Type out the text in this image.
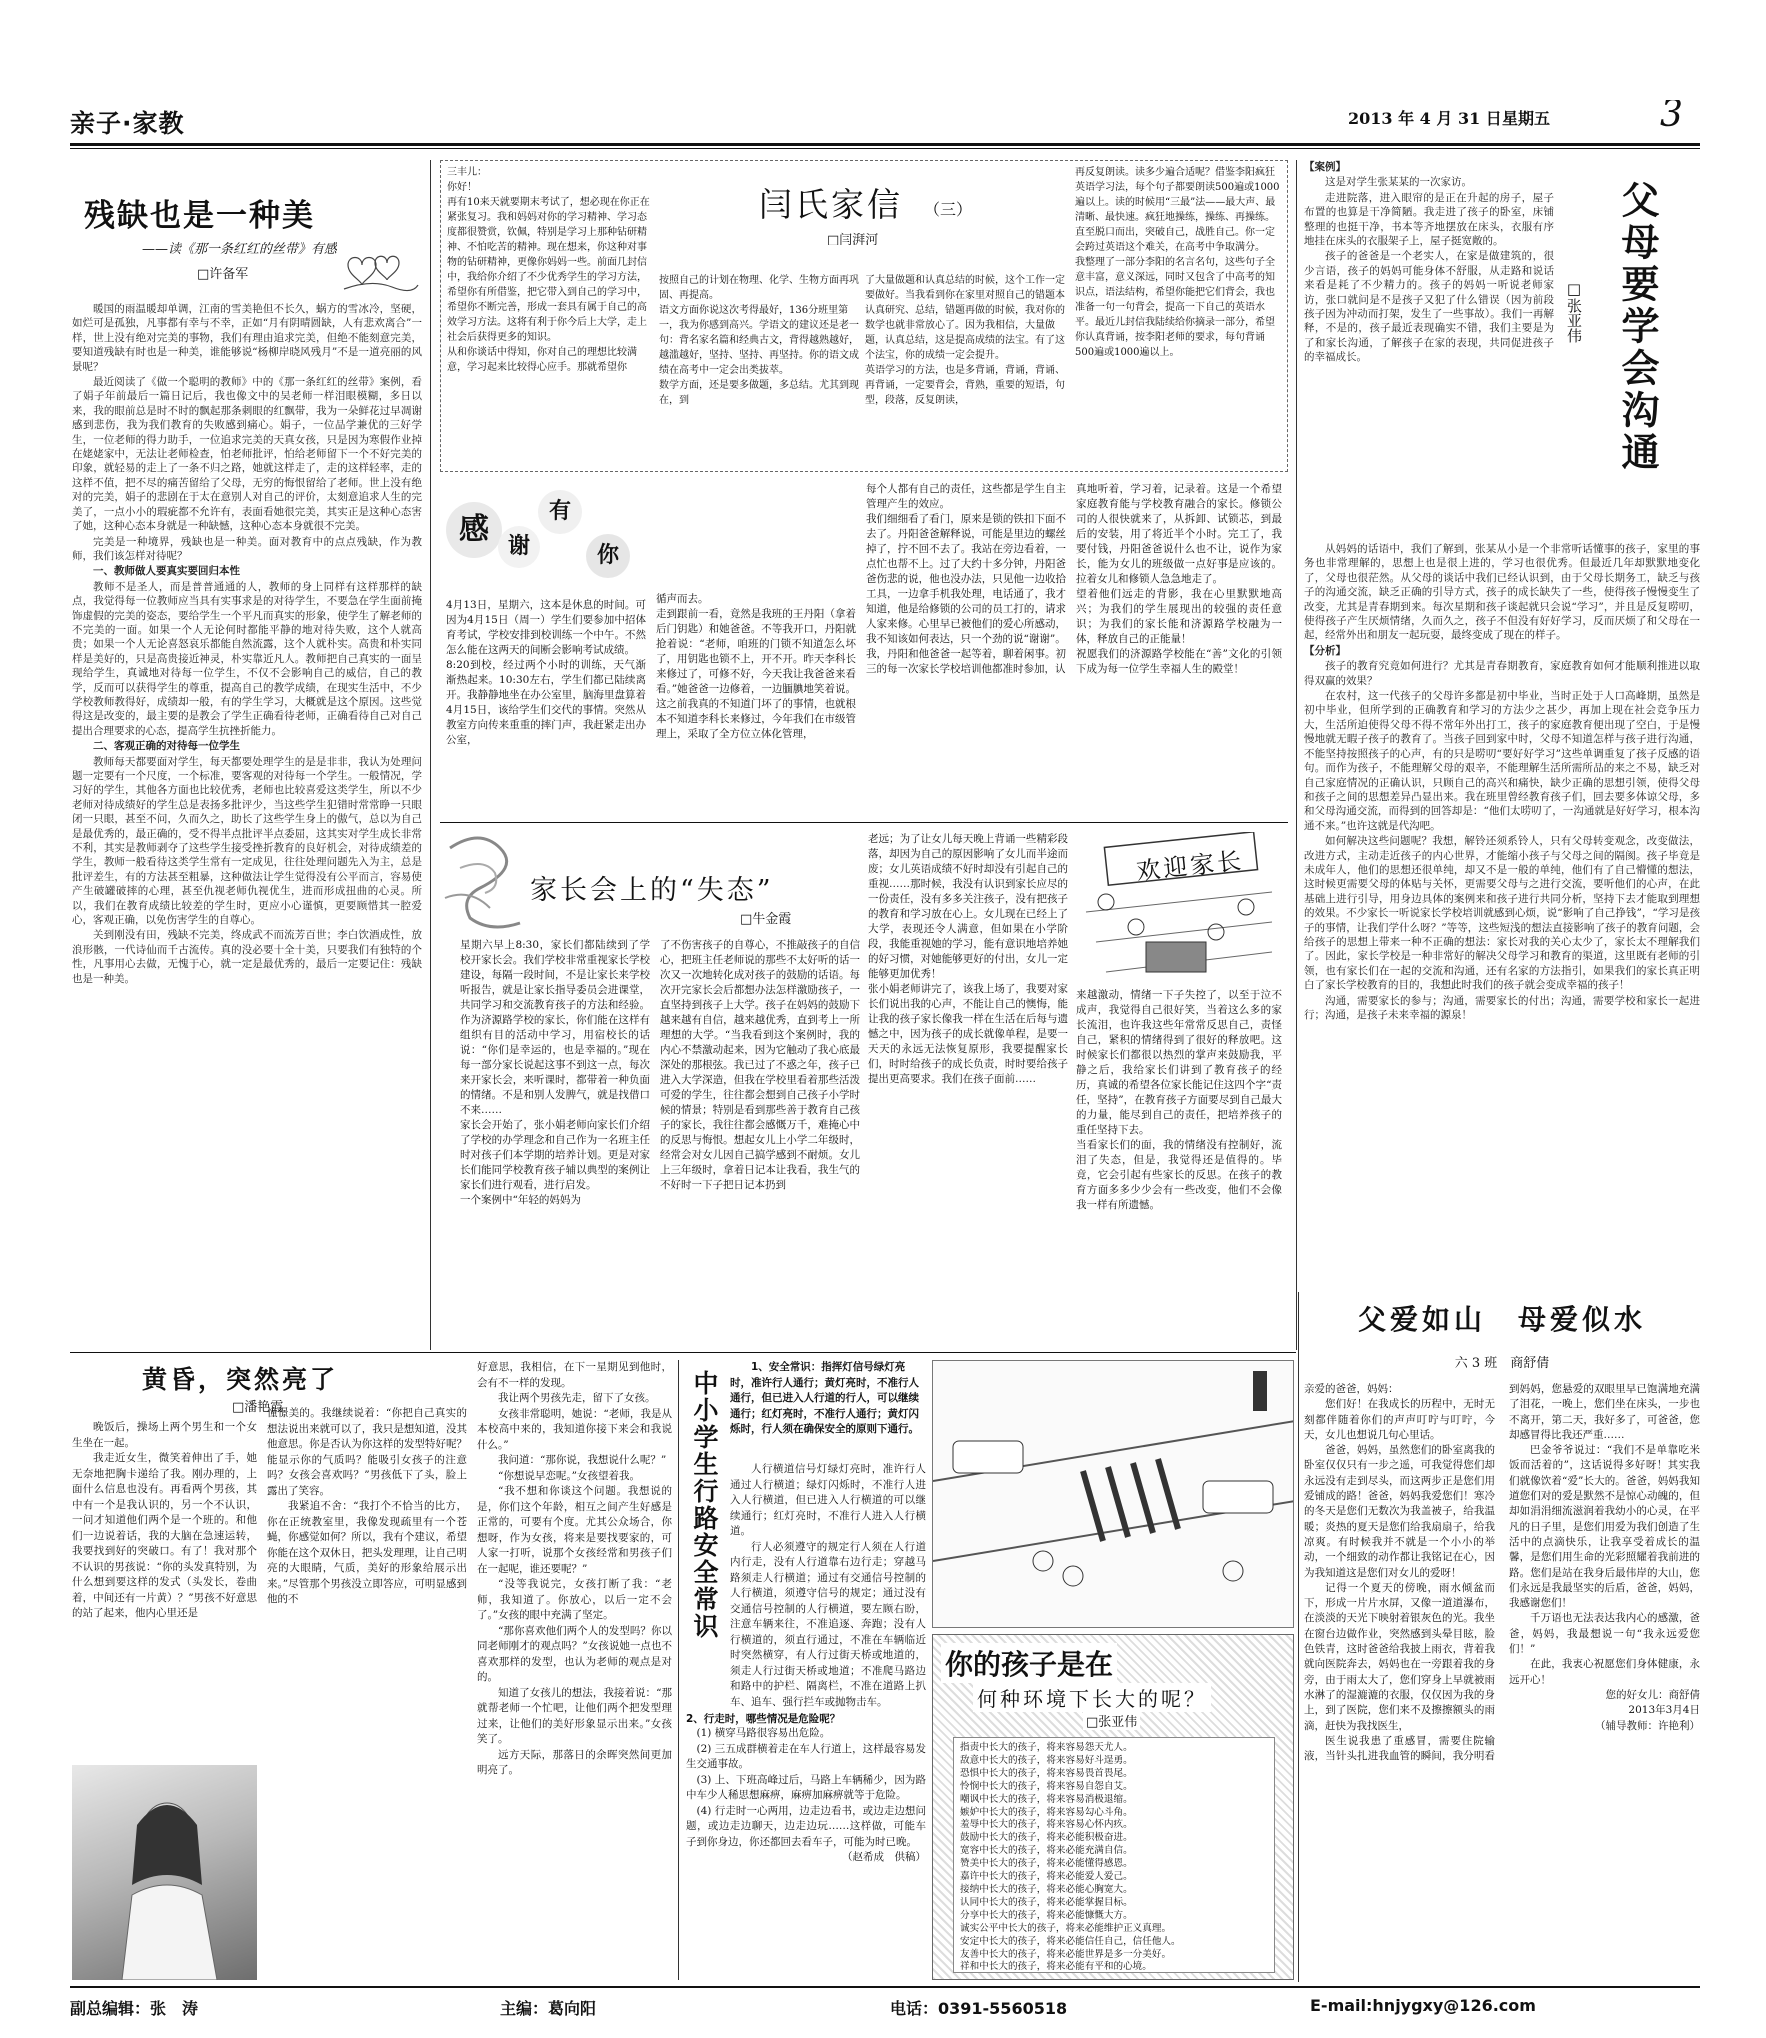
亲子·家教	2013 年 4 月 31 日 星期五	3
残缺也是一种美
——读《那一条红红的丝带》有感
□许备军

暖国的雨温暖却单调，江南的雪美艳但不长久，蜗方的雪冰冷，坚硬，如烂可是孤独，凡事都有幸与不幸，正如“月有阴晴圆缺，人有悲欢离合”一样，世上没有绝对完美的事物，我们有理由追求完美，但绝不能刻意完美，要知道残缺有时也是一种美，谁能够说“杨柳岸晓风残月”不是一道亮丽的风景呢？

最近阅读了《做一个聪明的教师》中的《那一条红红的丝带》案例，看了娟子年前最后一篇日记后，我也像文中的吴老师一样泪眼模糊，多日以来，我的眼前总是时不时的飘起那条刺眼的红飘带，我为一朵鲜花过早凋谢感到悲伤，我为我们教育的失败感到痛心。娟子，一位品学兼优的三好学生，一位老师的得力助手，一位追求完美的天真女孩，只是因为寒假作业掉在姥姥家中，无法让老师检查，怕老师批评，怕给老师留下一个不好完美的印象，就轻易的走上了一条不归之路，她就这样走了，走的这样轻率，走的这样不值，把不尽的痛苦留给了父母，无穷的悔恨留给了老师。世上没有绝对的完美，娟子的悲剧在于太在意别人对自己的评价，太刻意追求人生的完美了，一点小小的瑕疵都不允许有，表面看她很完美，其实正是这种心态害了她，这种心态本身就是一种缺憾，这种心态本身就很不完美。

完美是一种境界，残缺也是一种美。面对教育中的点点残缺，作为教师，我们该怎样对待呢？

一、教师做人要真实要回归本性

教师不是圣人，而是普普通通的人，教师的身上同样有这样那样的缺点，我觉得每一位教师应当具有实事求是的对待学生，不要急在学生面前掩饰虚假的完美的姿态，要给学生一个平凡而真实的形象，使学生了解老师的不完美的一面。如果一个人无论何时都能平静的地对待失败，这个人就高贵；如果一个人无论喜怒哀乐都能自然流露，这个人就朴实。高贵和朴实同样是美好的，只是高贵接近神灵，朴实靠近凡人。教师把自己真实的一面呈现给学生，真诚地对待每一位学生，不仅不会影响自己的威信，自己的教学，反而可以获得学生的尊重，提高自己的教学成绩，在现实生活中，不少学校教师教得好，成绩却一般，有的学生学习，大概就是这个原因。这些觉得这是改变的，最主要的是教会了学生正确看待老师，正确看待自己对自己提出合理要求的心态，提高学生抗挫折能力。

二、客观正确的对待每一位学生

教师每天都要面对学生，每天都要处理学生的是是非非，我认为处理问题一定要有一个尺度，一个标准，要客观的对待每一个学生。一般情况，学习好的学生，其他各方面也比较优秀，老师也比较喜爱这类学生，所以不少老师对待成绩好的学生总是表扬多批评少，当这些学生犯错时常常睁一只眼闭一只眼，甚至不问，久而久之，助长了这些学生身上的傲气，总以为自己是最优秀的，最正确的，受不得半点批评半点委屈，这其实对学生成长非常不利，其实是教师剥夺了这些学生接受挫折教育的良好机会，对待成绩差的学生，教师一般看待这类学生常有一定成见，往往处理问题先入为主，总是批评差生，有的方法甚至粗暴，这种做法让学生觉得没有公平而言，容易使产生破罐破摔的心理，甚至仇视老师仇视优生，进而形成扭曲的心灵。所以，我们在教育成绩比较差的学生时，更应小心谨慎，更要顾惜其一腔爱心，客观正确，以免伤害学生的自尊心。

关到刚没有田，残缺不完美，终成武不而流芳百世；李白饮酒成性，放浪形骸，一代诗仙而千古流传。真的没必要十全十美，只要我们有独特的个性，凡事用心去做，无愧于心，就一定是最优秀的，最后一定要记住：残缺也是一种美。

三丰儿：
你好！
再有10来天就要期末考试了，想必现在你正在紧张复习。我和妈妈对你的学习精神、学习态度都很赞赏，钦佩，特别是学习上那种钻研精神、不怕吃苦的精神。现在想来，你这种对事物的钻研精神，更像你妈妈一些。前面几封信中，我给你介绍了不少优秀学生的学习方法，希望你有所借鉴，把它带入到自己的学习中，希望你不断完善，形成一套具有属于自己的高效学习方法。这将有利于你今后上大学，走上社会后获得更多的知识。
从和你谈话中得知，你对自己的理想比较满意，学习起来比较得心应手。那就希望你
闫氏家信 （三）
□闫湃河
按照自己的计划在物理、化学、生物方面再巩固、再提高。
语文方面你说这次考得最好，136分班里第一，我为你感到高兴。学语文的建议还是老一句：背名家名篇和经典古文，背得越熟越好，越滥越好，坚持、坚持、再坚持。你的语文成绩在高考中一定会出类拔萃。
数学方面，还是要多做题，多总结。尤其到现在，到
了大量做题和认真总结的时候，这个工作一定要做好。当我看到你在家里对照自己的错题本认真研究、总结，错题再做的时候，我对你的数学也就非常放心了。因为我相信，大量做题，认真总结，这是提高成绩的法宝。有了这个法宝，你的成绩一定会提升。
英语学习的方法，也是多背诵，背诵，背诵、再背诵，一定要背会，背熟，重要的短语，句型，段落，反复朗读，
再反复朗读。读多少遍合适呢？借鉴李阳疯狂英语学习法，每个句子都要朗读500遍或1000遍以上。读的时候用“三最”法——最大声、最清晰、最快速。疯狂地操练，操练、再操练。直至脱口而出，突破自己，战胜自己。你一定会跨过英语这个难关，在高考中争取满分。
我整理了一部分李阳的名言名句，这些句子全意丰富，意义深远，同时又包含了中高考的知识点，语法结构，希望你能把它们背会，我也准备一句一句背会，提高一下自己的英语水平。最近儿封信我陆续给你摘录一部分，希望你认真背诵，按李阳老师的要求，每句背诵500遍或1000遍以上。
感 谢
有
你
4月13日，星期六，这本是休息的时间。可因为4月15日（周一）学生们要参加中招体育考试，学校安排到校训练一个中午。不然怎么能在这两天的间断会影响考试成绩。
8:20到校，经过两个小时的训练，天气渐渐热起来。10:30左右，学生们都已陆续离开。我静静地坐在办公室里，脑海里盘算着4月15日，该给学生们交代的事情。突然从教室方向传来重重的摔门声，我赶紧走出办公室，
循声而去。
走到跟前一看，竟然是我班的王丹阳（拿着后门钥匙）和她爸爸。不等我开口，丹阳就抢着说：“老师，咱班的门锁不知道怎么坏了，用钥匙也锁不上，开不开。昨天李科长来修过了，可修不好，今天我让我爸爸来看看。”她爸爸一边修着，一边腼腆地笑着说。这之前我真的不知道门坏了的事情，也就根本不知道李科长来修过，今年我们在市级管理上，采取了全方位立体化管理，
每个人都有自己的责任，这些都是学生自主管理产生的效应。
我们细细看了看门，原来是锁的铁扣下面不去了。丹阳爸爸解释说，可能是里边的螺丝掉了，拧不回不去了。我站在旁边看着，一点忙也帮不上。过了大约十多分钟，丹阳爸爸伤悲的说，他也没办法，只见他一边收拾工具，一边拿手机我处理，电话通了，我才知道，他是给修锁的公司的员工打的，请求人家来修。心里早已被他们的爱心所感动，我不知该如何表达，只一个劲的说“谢谢”。
我，丹阳和他爸爸一起等着，聊着闲事。初三的每一次家长学校培训他都准时参加，认
真地听着，学习着，记录着。这是一个希望家庭教育能与学校教育融合的家长。修锁公司的人很快就来了，从拆卸、试锁芯，到最后的安装，用了将近半个小时。完工了，我要付钱，丹阳爸爸说什么也不让，说作为家长，能为女儿的班级做一点好事是应该的。拉着女儿和修锁人急急地走了。
望着他们远走的背影，我在心里默默地高兴；为我们的学生展现出的较强的责任意识；为我们的家长能和济源路学校融为一体，释放自己的正能量！
祝愿我们的济源路学校能在“善”文化的引领下成为每一位学生幸福人生的殿堂！
家长会上的“失态”
□牛金霞
星期六早上8:30，家长们都陆续到了学校开家长会。我们学校非常重视家长学校建设，每隔一段时间，不是让家长来学校听报告，就是让家长指导委员会进课堂，共同学习和交流教育孩子的方法和经验。作为济源路学校的家长，你们能在这样有组织有目的活动中学习，用宿校长的话说：“你们是幸运的，也是幸福的。”现在每一部分家长说起这事不到这一点，每次来开家长会，来听课时，都带着一种负面的情绪。不是和别人发脾气，就是找借口不来……
家长会开始了，张小娟老师向家长们介绍了学校的办学理念和自己作为一名班主任时对孩子们本学期的培养计划。更是对家长们能同学校教育孩子辅以典型的案例让家长们进行观看，进行启发。
一个案例中“年轻的妈妈为
了不伤害孩子的自尊心，不推敲孩子的自信心，把班主任老师说的那些不太好听的话一次又一次地转化成对孩子的鼓励的话语。每次开完家长会后都想办法怎样激励孩子，一直坚持到孩子上大学。孩子在妈妈的鼓励下越来越有自信，越来越优秀，直到考上一所理想的大学。“当我看到这个案例时，我的内心不禁激动起来，因为它触动了我心底最深处的那根弦。我已过了不惑之年，孩子已进入大学深造，但我在学校里看着那些活泼可爱的学生，往往都会想到自己孩子小学时候的情景；特别是看到那些善于教育自己孩子的家长，我往往都会感慨万千，难掩心中的反思与悔恨。想起女儿上小学二年级时，经常会对女儿因自己搞学感到不耐烦。女儿上三年级时，拿着日记本让我看，我生气的不好时一下子把日记本扔到
老远；为了让女儿每天晚上背诵一些精彩段落，却因为自己的原因影响了女儿而半途而废；女儿英语成绩不好时却没有引起自己的重视……那时候，我没有认识到家长应尽的一份责任，没有多多关注孩子，没有把孩子的教育和学习放在心上。女儿现在已经上了大学，表现还令人满意，但如果在小学阶段，我能重视她的学习，能有意识地培养她的好习惯，对她能够更好的付出，女儿一定能够更加优秀！
张小娟老师讲完了，该我上场了，我要对家长们说出我的心声，不能让自己的懊悔，能让我的孩子家长像我一样在生活在后每与遗憾之中，因为孩子的成长就像单程，是要一天天的永远无法恢复原形，我要提醒家长们，时时给孩子的成长负责，时时要给孩子提出更高要求。我们在孩子面前……
欢迎家长
来越激动，情绪一下子失控了，以至于泣不成声，我觉得自己很好笑，当着这么多的家长流泪，也许我这些年常常反思自己，责怪自己，紧积的情绪得到了很好的释放吧。这时候家长们都很以热烈的掌声来鼓励我，平静之后，我给家长们讲到了教育孩子的经历，真诚的希望各位家长能记住这四个字“责任，坚持”，在教育孩子方面要尽到自己最大的力量，能尽到自己的责任，把培养孩子的重任坚持下去。
当看家长们的面，我的情绪没有控制好，流泪了失态，但是，我觉得还是值得的。毕竟，它会引起有些家长的反思。在孩子的教育方面多多少少会有一些改变，他们不会像我一样有所遗憾。
父母要学会沟通
□张亚伟

【案例】

这是对学生张某某的一次家访。

走进院落，进入眼帘的是正在升起的房子，屋子布置的也算是干净简陋。我走进了孩子的卧室，床铺整理的也挺干净，书本等齐地摆放在床头，衣服有序地挂在床头的衣服架子上，屋子挺宽敞的。

孩子的爸爸是一个老实人，在家是做建筑的，很少言语，孩子的妈妈可能身体不舒服，从走路和说话来看是耗了不少精力的。孩子的妈妈一听说老师家访，张口就问是不是孩子又犯了什么错误（因为前段孩子因为冲动而打架，发生了一些事故）。我们一再解释，不是的，孩子最近表现确实不错，我们主要是为了和家长沟通，了解孩子在家的表现，共同促进孩子的幸福成长。

从妈妈的话语中，我们了解到，张某从小是一个非常听话懂事的孩子，家里的事务也非常理解的，思想上也是很上进的，学习也很优秀。但最近几年却默默地变化了，父母也很茫然。从父母的谈话中我们已经认识到，由于父母长期务工，缺乏与孩子的沟通交流，缺乏正确的引导方式，孩子的成长缺失了一些，使得孩子慢慢变生了改变，尤其是青春期到来。每次星期和孩子谈起就只会说“学习”，并且是反复唠叨，使得孩子产生厌烦情绪，久而久之，孩子不但没有好好学习，反而厌烦了和父母在一起，经常外出和朋友一起玩耍，最终变成了现在的样子。

【分析】

孩子的教育究竟如何进行？尤其是青春期教育，家庭教育如何才能顺利推进以取得双赢的效果？

在农村，这一代孩子的父母许多都是初中毕业，当时正处于人口高峰期，虽然是初中毕业，但所学到的正确教育和学习的方法少之甚少，再加上现在社会竞争压力大，生活所迫使得父母不得不常年外出打工，孩子的家庭教育便出现了空白，于是慢慢地就无暇子孩子的教育了。当孩子回到家中时，父母不知道怎样与孩子进行沟通，不能坚持按照孩子的心声，有的只是唠叨“要好好学习”这些单调重复了孩子反感的语句。而作为孩子，不能理解父母的艰辛，不能理解生活所需所品的来之不易，缺乏对自己家庭情况的正确认识，只顾自己的高兴和痛快，缺少正确的思想引领，使得父母和孩子之间的思想差异凸显出来。我在班里曾经教育孩子们，回去要多体谅父母，多和父母沟通交流，而得到的回答却是：“他们太唠叨了，一沟通就是好好学习，根本沟通不来。”也许这就是代沟吧。

如何解决这些问题呢？我想，解铃还须系铃人，只有父母转变观念，改变做法，改进方式，主动走近孩子的内心世界，才能缩小孩子与父母之间的隔阂。孩子毕竟是未成年人，他们的思想还很单纯，却又不是一般的单纯，他们有了自己懵懂的想法，这时候更需要父母的体贴与关怀，更需要父母与之进行交流，要听他们的心声，在此基础上进行引导，用身边具体的案例来和孩子进行共同分析，坚持下去才能取到理想的效果。不少家长一听说家长学校培训就感到心烦，说“影响了自己挣钱”，“学习是孩子的事情，让我们学什么呀？”等等，这些短浅的想法直接影响了孩子的教育问题，会给孩子的思想上带来一种不正确的想法：家长对我的关心太少了，家长太不理解我们了。因此，家长学校是一种非常好的解决父母学习和教育的渠道，这里既有老师的引领，也有家长们在一起的交流和沟通，还有名家的方法指引，如果我们的家长真正明白了家长学校教育的目的，我想此时我们的孩子就会变成幸福的孩子！

沟通，需要家长的参与；沟通，需要家长的付出；沟通，需要学校和家长一起进行；沟通，是孩子未来幸福的源泉！

父爱如山　母爱似水
六 3 班　商舒倩

亲爱的爸爸，妈妈：

您们好！在我成长的历程中，无时无刻都伴随着你们的声声叮咛与叮咛，今天，女儿也想说几句心里话。

爸爸，妈妈，虽然您们的卧室离我的卧室仅仅只有一步之遥，可我觉得您们却永远没有走到尽头，而这两步正是您们用爱铺成的路！爸爸，妈妈我爱您们！寒冷的冬天是您们无数次为我盖被子，给我温暖；炎热的夏天是您们给我扇扇子，给我凉爽。有时候我并不就是一个小小的举动，一个细致的动作都让我铭记在心，因为我知道这是您们对女儿的爱呀！

记得一个夏天的傍晚，雨水倾盆而下，形成一片片水屏，又像一道道瀑布，在淡淡的天光下映射着银灰色的光。我坐在窗台边做作业，突然感到头晕目眩，脸色铁青，这时爸爸给我披上雨衣，背着我就向医院奔去，妈妈也在一旁跟着我的身旁，由于雨太大了，您们穿身上早就被雨水淋了的湿漉漉的衣服，仅仅因为我的身上，到了医院，您们来不及擦擦额头的雨滴，赶快为我找医生，

医生说我患了重感冒，需要住院输液，当针头扎进我血管的瞬间，我分明看到妈妈，您悬爱的双眼里早已饱满地充满了泪花，一晚上，您们坐在床头，一步也不离开，第二天，我好多了，可爸爸，您却感冒得比我还严重……

巴金爷爷说过：“我们不是单靠吃米饭而活着的”，这话说得多好呀！其实我们就像饮着“爱”长大的。爸爸，妈妈我知道您们对的爱是默然不是惊心动魄的，但却如涓涓细流滋润着我幼小的心灵，在平凡的日子里，是您们用爱为我们创造了生活中的点滴快乐，让我享受着成长的温馨，是您们用生命的光彩照耀着我前进的路。您们是站在我身后最伟岸的大山，您们永远是我最坚实的后盾，爸爸，妈妈，我感谢您们！

千万语也无法表达我内心的感激，爸爸，妈妈，我最想说一句“我永远爱您们！”

在此，我衷心祝愿您们身体健康，永远开心！

您的好女儿：商舒倩

2013年3月4日

（辅导教师：许艳利）

黄昏，突然亮了
□潘艳霞

晚饭后，操场上两个男生和一个女生坐在一起。

我走近女生，微笑着伸出了手，她无奈地把胸卡递给了我。刚办理的，上面什么信息也没有。再看两个男孩，其中有一个是我认识的，另一个不认识，一问才知道他们两个是一个班的。和他们一边说着话，我的大脑在急速运转，我要找到好的突破口。有了！我对那个不认识的男孩说：“你的头发真特别，为什么想到要这样的发式（头发长，卷曲着，中间还有一片黄）？”男孩不好意思的站了起来，他内心里还是

憧憬美的。我继续说着：“你把自己真实的想法说出来就可以了，我只是想知道，没其他意思。你是否认为你这样的发型特好呢？能显示你的气质吗？能吸引女孩子的注意吗？女孩会喜欢吗？”男孩低下了头，脸上露出了笑容。

我紧追不舍：“我打个不恰当的比方，你在正统教室里，我像发现疏里有一个苍蝇，你感觉如何？所以，我有个建议，希望你能在这个双休日，把头发理理，让自己明亮的大眼睛，气质，美好的形象给展示出来。”尽管那个男孩没立即答应，可明显感到他的不

好意思，我相信，在下一星期见到他时，会有不一样的发现。

我让两个男孩先走，留下了女孩。

女孩非常聪明，她说：“老师，我是从本校高中来的，我知道你接下来会和我说什么。”

我问道：“那你说，我想说什么呢？”

“你想说早恋呢。”女孩望着我。

“我不想和你谈这个问题。我想说的是，你们这个年龄，相互之间产生好感是正常的，可要有个度。尤其公众场合，你想呀，作为女孩，将来是要找要家的，可人家一打听，说那个女孩经常和男孩子们在一起呢，谁还要呢？”

“没等我说完，女孩打断了我：“老师，我知道了。你放心，以后一定不会了。”女孩的眼中充满了坚定。

“那你喜欢他们两个人的发型吗？你以同老师刚才的观点吗？”女孩说她一点也不喜欢那样的发型，也认为老师的观点是对的。

知道了女孩儿的想法，我接着说：“那就帮老师一个忙吧，让他们两个把发型理过来，让他们的美好形象显示出来。”女孩笑了。

远方天际，那落日的余晖突然间更加明亮了。

中小学生行路安全常识
1、安全常识：指挥灯信号绿灯亮时，准许行人通行；黄灯亮时，不准行人通行，但已进入人行道的行人，可以继续通行；红灯亮时，不准行人通行；黄灯闪烁时，行人须在确保安全的原则下通行。

人行横道信号灯绿灯亮时，准许行人通过人行横道；绿灯闪烁时，不准行人进入人行横道，但已进入人行横道的可以继续通行；红灯亮时，不准行人进入人行横道。

行人必须遵守的规定行人须在人行道内行走，没有人行道靠右边行走；穿越马路须走人行横道；通过有交通信号控制的人行横道，须遵守信号的规定；通过没有交通信号控制的人行横道，要左顾右盼，注意车辆来往，不准追逐、奔跑；没有人行横道的，须直行通过，不准在车辆临近时突然横穿，有人行过街天桥或地道的，须走人行过街天桥或地道；不准爬马路边和路中的护栏、隔离栏，不准在道路上扒车、追车、强行拦车或抛物击车。

2、行走时，哪些情况是危险呢？

(1) 横穿马路很容易出危险。

(2) 三五成群横着走在车人行道上，这样最容易发生交通事故。

(3) 上、下班高峰过后，马路上车辆稀少，因为路中车少人稀思想麻痹，麻痹加麻痹就等于危险。

(4) 行走时一心两用，边走边看书，或边走边想问题，或边走边聊天，边走边玩……这样做，可能车子到你身边，你还都回去看车子，可能为时已晚。

（赵希成　供稿）

你的孩子是在
何种环境下长大的呢？
□张亚伟
指责中长大的孩子，将来容易怨天尤人。
敌意中长大的孩子，将来容易好斗逞勇。
恐惧中长大的孩子，将来容易畏首畏尾。
怜悯中长大的孩子，将来容易自怨自艾。
嘲讽中长大的孩子，将来容易消极退缩。
嫉妒中长大的孩子，将来容易勾心斗角。
羞辱中长大的孩子，将来容易心怀内疚。
鼓励中长大的孩子，将来必能积极奋进。
宽容中长大的孩子，将来必能充满自信。
赞美中长大的孩子，将来必能懂得感恩。
嘉许中长大的孩子，将来必能爱人爱己。
接纳中长大的孩子，将来必能心胸宽大。
认同中长大的孩子，将来必能掌握目标。
分享中长大的孩子，将来必能慷慨大方。
诚实公平中长大的孩子，将来必能维护正义真理。
安定中长大的孩子，将来必能信任自己，信任他人。
友善中长大的孩子，将来必能世界是多一分美好。
祥和中长大的孩子，将来必能有平和的心境。
副总编辑：张　涛	主编：葛向阳	电话：0391-5560518	E-mail:hnjygxy@126.com
